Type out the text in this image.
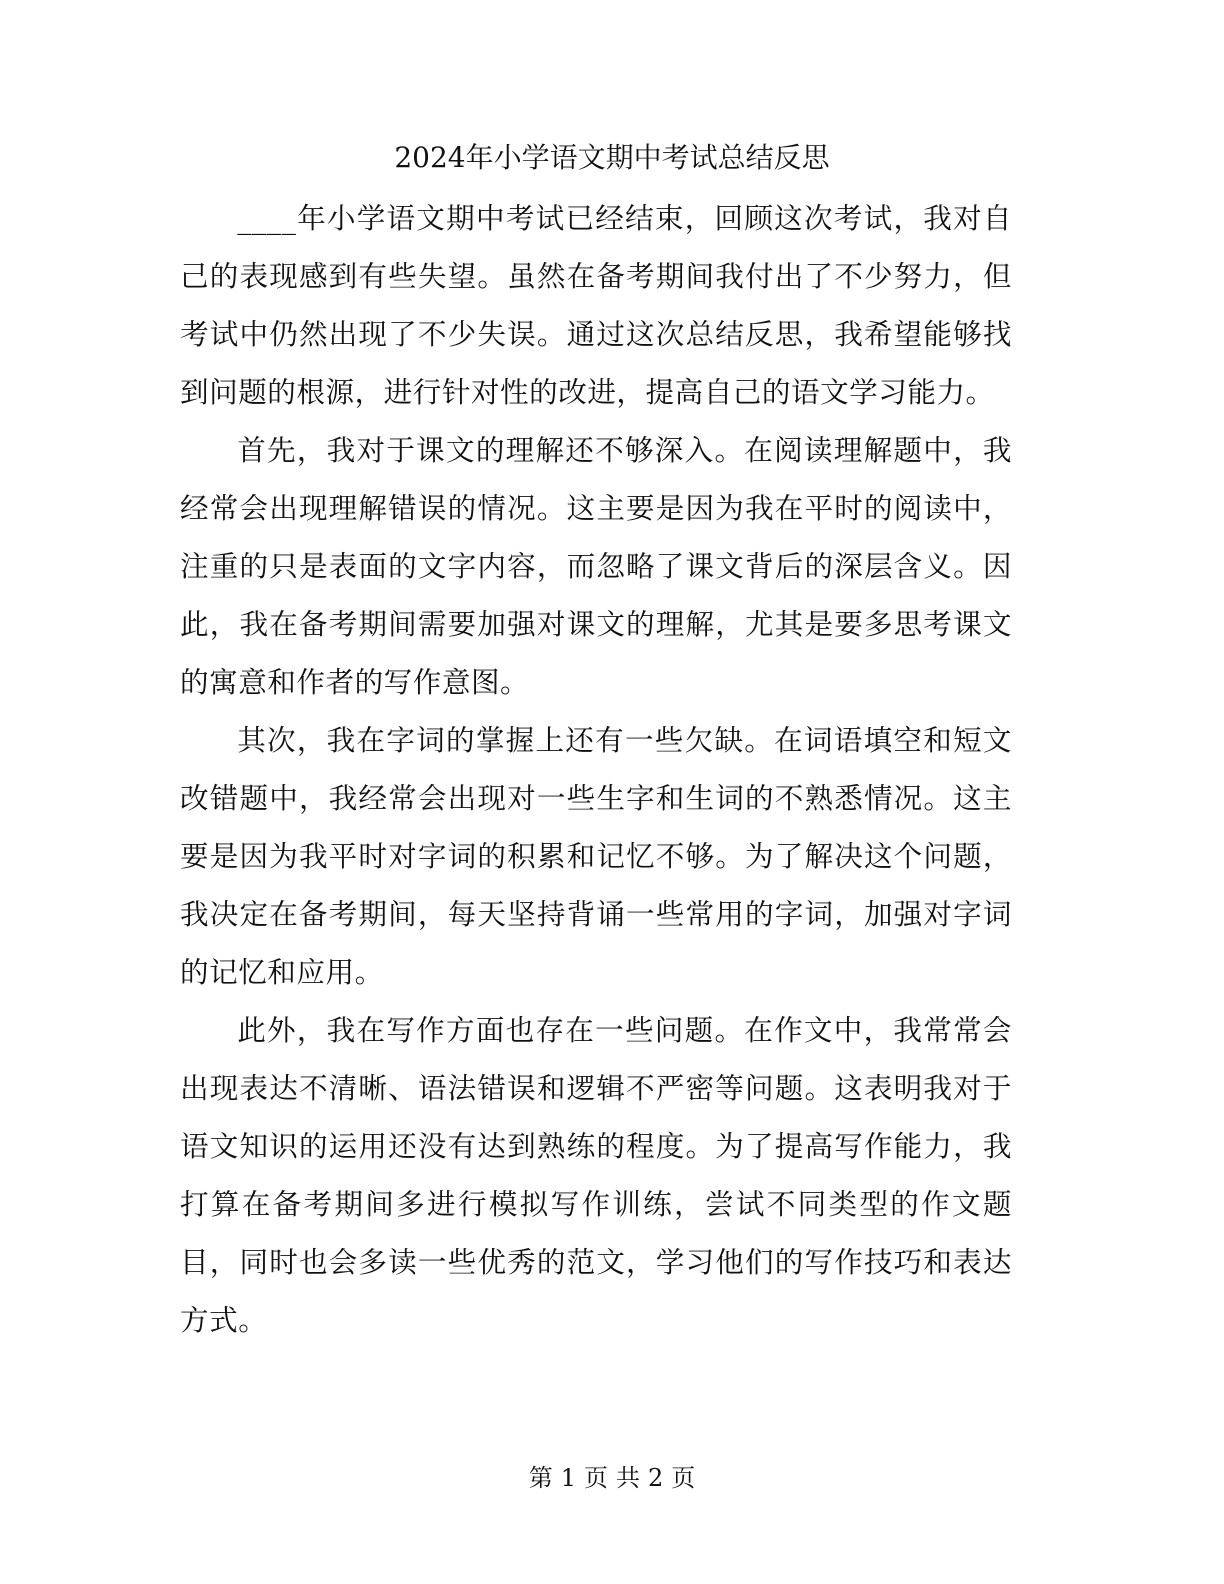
2024年小学语文期中考试总结反思

____年小学语文期中考试已经结束，回顾这次考试，我对自己的表现感到有些失望。虽然在备考期间我付出了不少努力，但考试中仍然出现了不少失误。通过这次总结反思，我希望能够找到问题的根源，进行针对性的改进，提高自己的语文学习能力。

首先，我对于课文的理解还不够深入。在阅读理解题中，我经常会出现理解错误的情况。这主要是因为我在平时的阅读中，注重的只是表面的文字内容，而忽略了课文背后的深层含义。因此，我在备考期间需要加强对课文的理解，尤其是要多思考课文的寓意和作者的写作意图。

其次，我在字词的掌握上还有一些欠缺。在词语填空和短文改错题中，我经常会出现对一些生字和生词的不熟悉情况。这主要是因为我平时对字词的积累和记忆不够。为了解决这个问题，我决定在备考期间，每天坚持背诵一些常用的字词，加强对字词的记忆和应用。

此外，我在写作方面也存在一些问题。在作文中，我常常会出现表达不清晰、语法错误和逻辑不严密等问题。这表明我对于语文知识的运用还没有达到熟练的程度。为了提高写作能力，我打算在备考期间多进行模拟写作训练，尝试不同类型的作文题目，同时也会多读一些优秀的范文，学习他们的写作技巧和表达方式。

第 1 页 共 2 页
